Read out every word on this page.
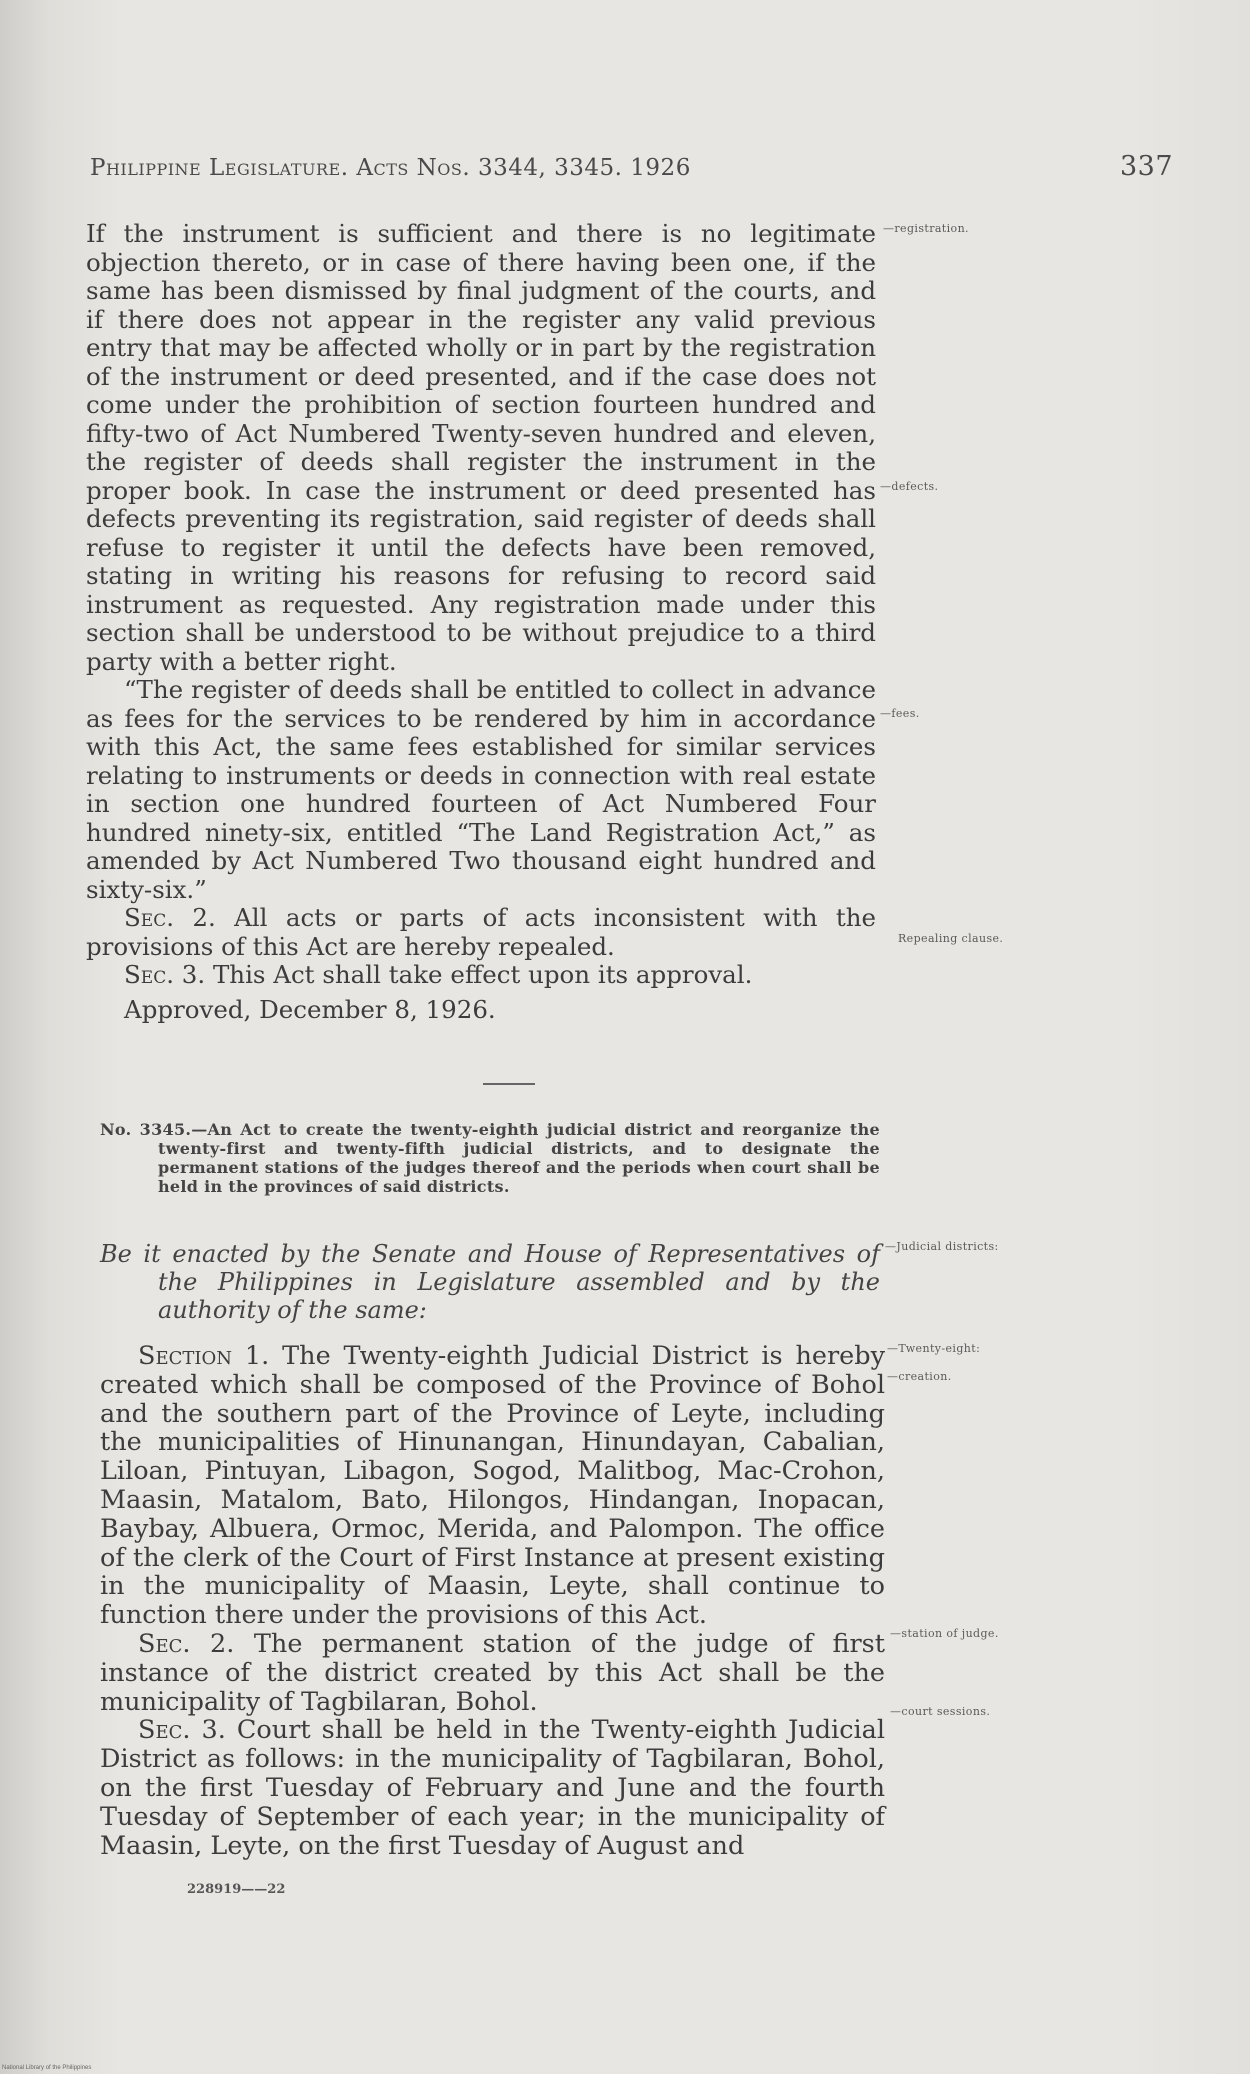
Philippine Legislature. Acts Nos. 3344, 3345. 1926	337

If the instrument is sufficient and there is no legitimate objection thereto, or in case of there having been one, if the same has been dismissed by final judgment of the courts, and if there does not appear in the register any valid previous entry that may be affected wholly or in part by the registration of the instrument or deed presented, and if the case does not come under the prohibition of section fourteen hundred and fifty-two of Act Numbered Twenty-seven hundred and eleven, the register of deeds shall register the instrument in the proper book. In case the instrument or deed presented has defects preventing its registration, said register of deeds shall refuse to register it until the defects have been removed, stating in writing his reasons for refusing to record said instrument as requested. Any registration made under this section shall be understood to be without prejudice to a third party with a better right.

“The register of deeds shall be entitled to collect in advance as fees for the services to be rendered by him in accordance with this Act, the same fees established for similar services relating to instruments or deeds in connection with real estate in section one hundred fourteen of Act Numbered Four hundred ninety-six, entitled “The Land Registration Act,” as amended by Act Numbered Two thousand eight hundred and sixty-six.”

Sec. 2. All acts or parts of acts inconsistent with the provisions of this Act are hereby repealed.

Sec. 3. This Act shall take effect upon its approval.

Approved, December 8, 1926.

No. 3345.—An Act to create the twenty-eighth judicial district and reorganize the twenty-first and twenty-fifth judicial districts, and to designate the permanent stations of the judges thereof and the periods when court shall be held in the provinces of said districts.
Be it enacted by the Senate and House of Representatives of the Philippines in Legislature assembled and by the authority of the same:

Section 1. The Twenty-eighth Judicial District is hereby created which shall be composed of the Province of Bohol and the southern part of the Province of Leyte, including the municipalities of Hinunangan, Hinundayan, Cabalian, Liloan, Pintuyan, Libagon, Sogod, Malitbog, Mac-Crohon, Maasin, Matalom, Bato, Hilongos, Hindangan, Inopacan, Baybay, Albuera, Ormoc, Merida, and Palompon. The office of the clerk of the Court of First Instance at present existing in the municipality of Maasin, Leyte, shall continue to function there under the provisions of this Act.

Sec. 2. The permanent station of the judge of first instance of the district created by this Act shall be the municipality of Tagbilaran, Bohol.

Sec. 3. Court shall be held in the Twenty-eighth Judicial District as follows: in the municipality of Tagbilaran, Bohol, on the first Tuesday of February and June and the fourth Tuesday of September of each year; in the municipality of Maasin, Leyte, on the first Tuesday of August and

—registration.
—defects.
—fees.
Repealing clause.
—Judicial districts:
—Twenty-eight:
—creation.
—station of judge.
—court sessions.
228919——22
National Library of the Philippines
